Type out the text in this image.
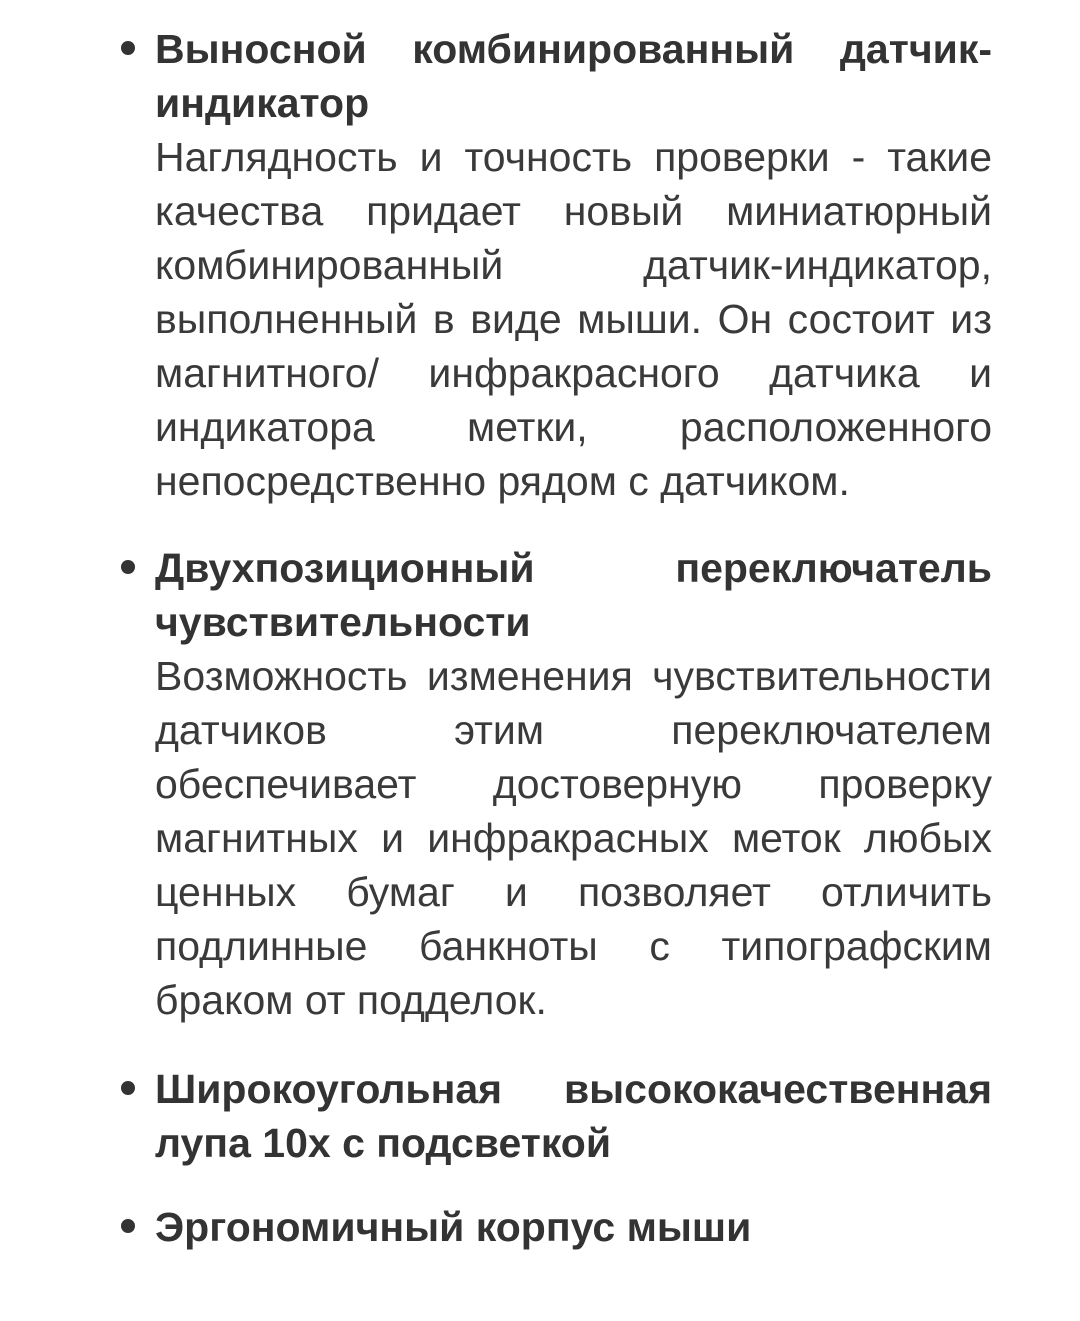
Выносной комбинированный датчик-индикатор

Наглядность и точность проверки - такие качества придает новый миниатюрный комбинированный датчик-индикатор, выполненный в виде мыши. Он состоит из магнитного/ инфракрасного датчика и индикатора метки, расположенного непосредственно рядом с датчиком.

Двухпозиционный переключатель чувствительности

Возможность изменения чувствительности датчиков этим переключателем обеспечивает достоверную проверку магнитных и инфракрасных меток любых ценных бумаг и позволяет отличить подлинные банкноты с типографским браком от подделок.

Широкоугольная высококачественная лупа 10х с подсветкой

Эргономичный корпус мыши
